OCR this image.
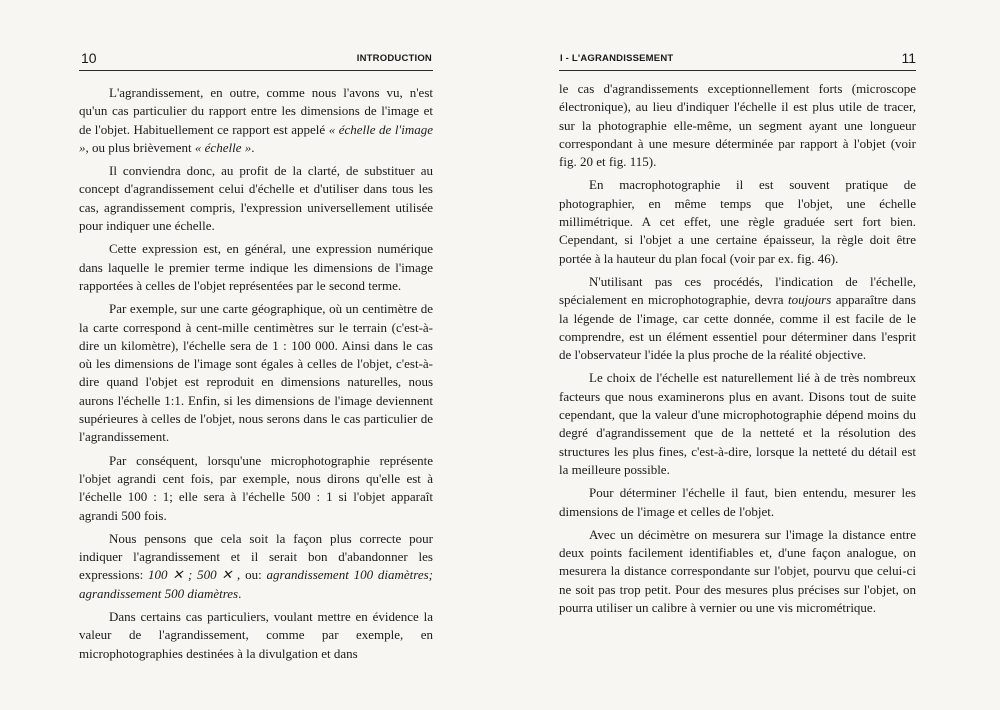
10	INTRODUCTION

L'agrandissement, en outre, comme nous l'avons vu, n'est qu'un cas particulier du rapport entre les dimensions de l'image et de l'objet. Habituellement ce rapport est appelé « échelle de l'image », ou plus brièvement « échelle ».

Il conviendra donc, au profit de la clarté, de substituer au concept d'agrandissement celui d'échelle et d'utiliser dans tous les cas, agrandissement compris, l'expression universellement utilisée pour indiquer une échelle.

Cette expression est, en général, une expression numérique dans laquelle le premier terme indique les dimensions de l'image rapportées à celles de l'objet représentées par le second terme.

Par exemple, sur une carte géographique, où un centimètre de la carte correspond à cent-mille centimètres sur le terrain (c'est-à-dire un kilomètre), l'échelle sera de 1 : 100 000. Ainsi dans le cas où les dimensions de l'image sont égales à celles de l'objet, c'est-à-dire quand l'objet est reproduit en dimensions naturelles, nous aurons l'échelle 1:1. Enfin, si les dimensions de l'image deviennent supérieures à celles de l'objet, nous serons dans le cas particulier de l'agrandissement.

Par conséquent, lorsqu'une microphotographie représente l'objet agrandi cent fois, par exemple, nous dirons qu'elle est à l'échelle 100 : 1; elle sera à l'échelle 500 : 1 si l'objet apparaît agrandi 500 fois.

Nous pensons que cela soit la façon plus correcte pour indiquer l'agrandissement et il serait bon d'abandonner les expressions: 100 ✕ ; 500 ✕ , ou: agrandissement 100 diamètres; agrandissement 500 diamètres.

Dans certains cas particuliers, voulant mettre en évidence la valeur de l'agrandissement, comme par exemple, en microphotographies destinées à la divulgation et dans

I - L'AGRANDISSEMENT	11

le cas d'agrandissements exceptionnellement forts (microscope électronique), au lieu d'indiquer l'échelle il est plus utile de tracer, sur la photographie elle-même, un segment ayant une longueur correspondant à une mesure déterminée par rapport à l'objet (voir fig. 20 et fig. 115).

En macrophotographie il est souvent pratique de photographier, en même temps que l'objet, une échelle millimétrique. A cet effet, une règle graduée sert fort bien. Cependant, si l'objet a une certaine épaisseur, la règle doit être portée à la hauteur du plan focal (voir par ex. fig. 46).

N'utilisant pas ces procédés, l'indication de l'échelle, spécialement en microphotographie, devra toujours apparaître dans la légende de l'image, car cette donnée, comme il est facile de le comprendre, est un élément essentiel pour déterminer dans l'esprit de l'observateur l'idée la plus proche de la réalité objective.

Le choix de l'échelle est naturellement lié à de très nombreux facteurs que nous examinerons plus en avant. Disons tout de suite cependant, que la valeur d'une microphotographie dépend moins du degré d'agrandissement que de la netteté et la résolution des structures les plus fines, c'est-à-dire, lorsque la netteté du détail est la meilleure possible.

Pour déterminer l'échelle il faut, bien entendu, mesurer les dimensions de l'image et celles de l'objet.

Avec un décimètre on mesurera sur l'image la distance entre deux points facilement identifiables et, d'une façon analogue, on mesurera la distance correspondante sur l'objet, pourvu que celui-ci ne soit pas trop petit. Pour des mesures plus précises sur l'objet, on pourra utiliser un calibre à vernier ou une vis micrométrique.
